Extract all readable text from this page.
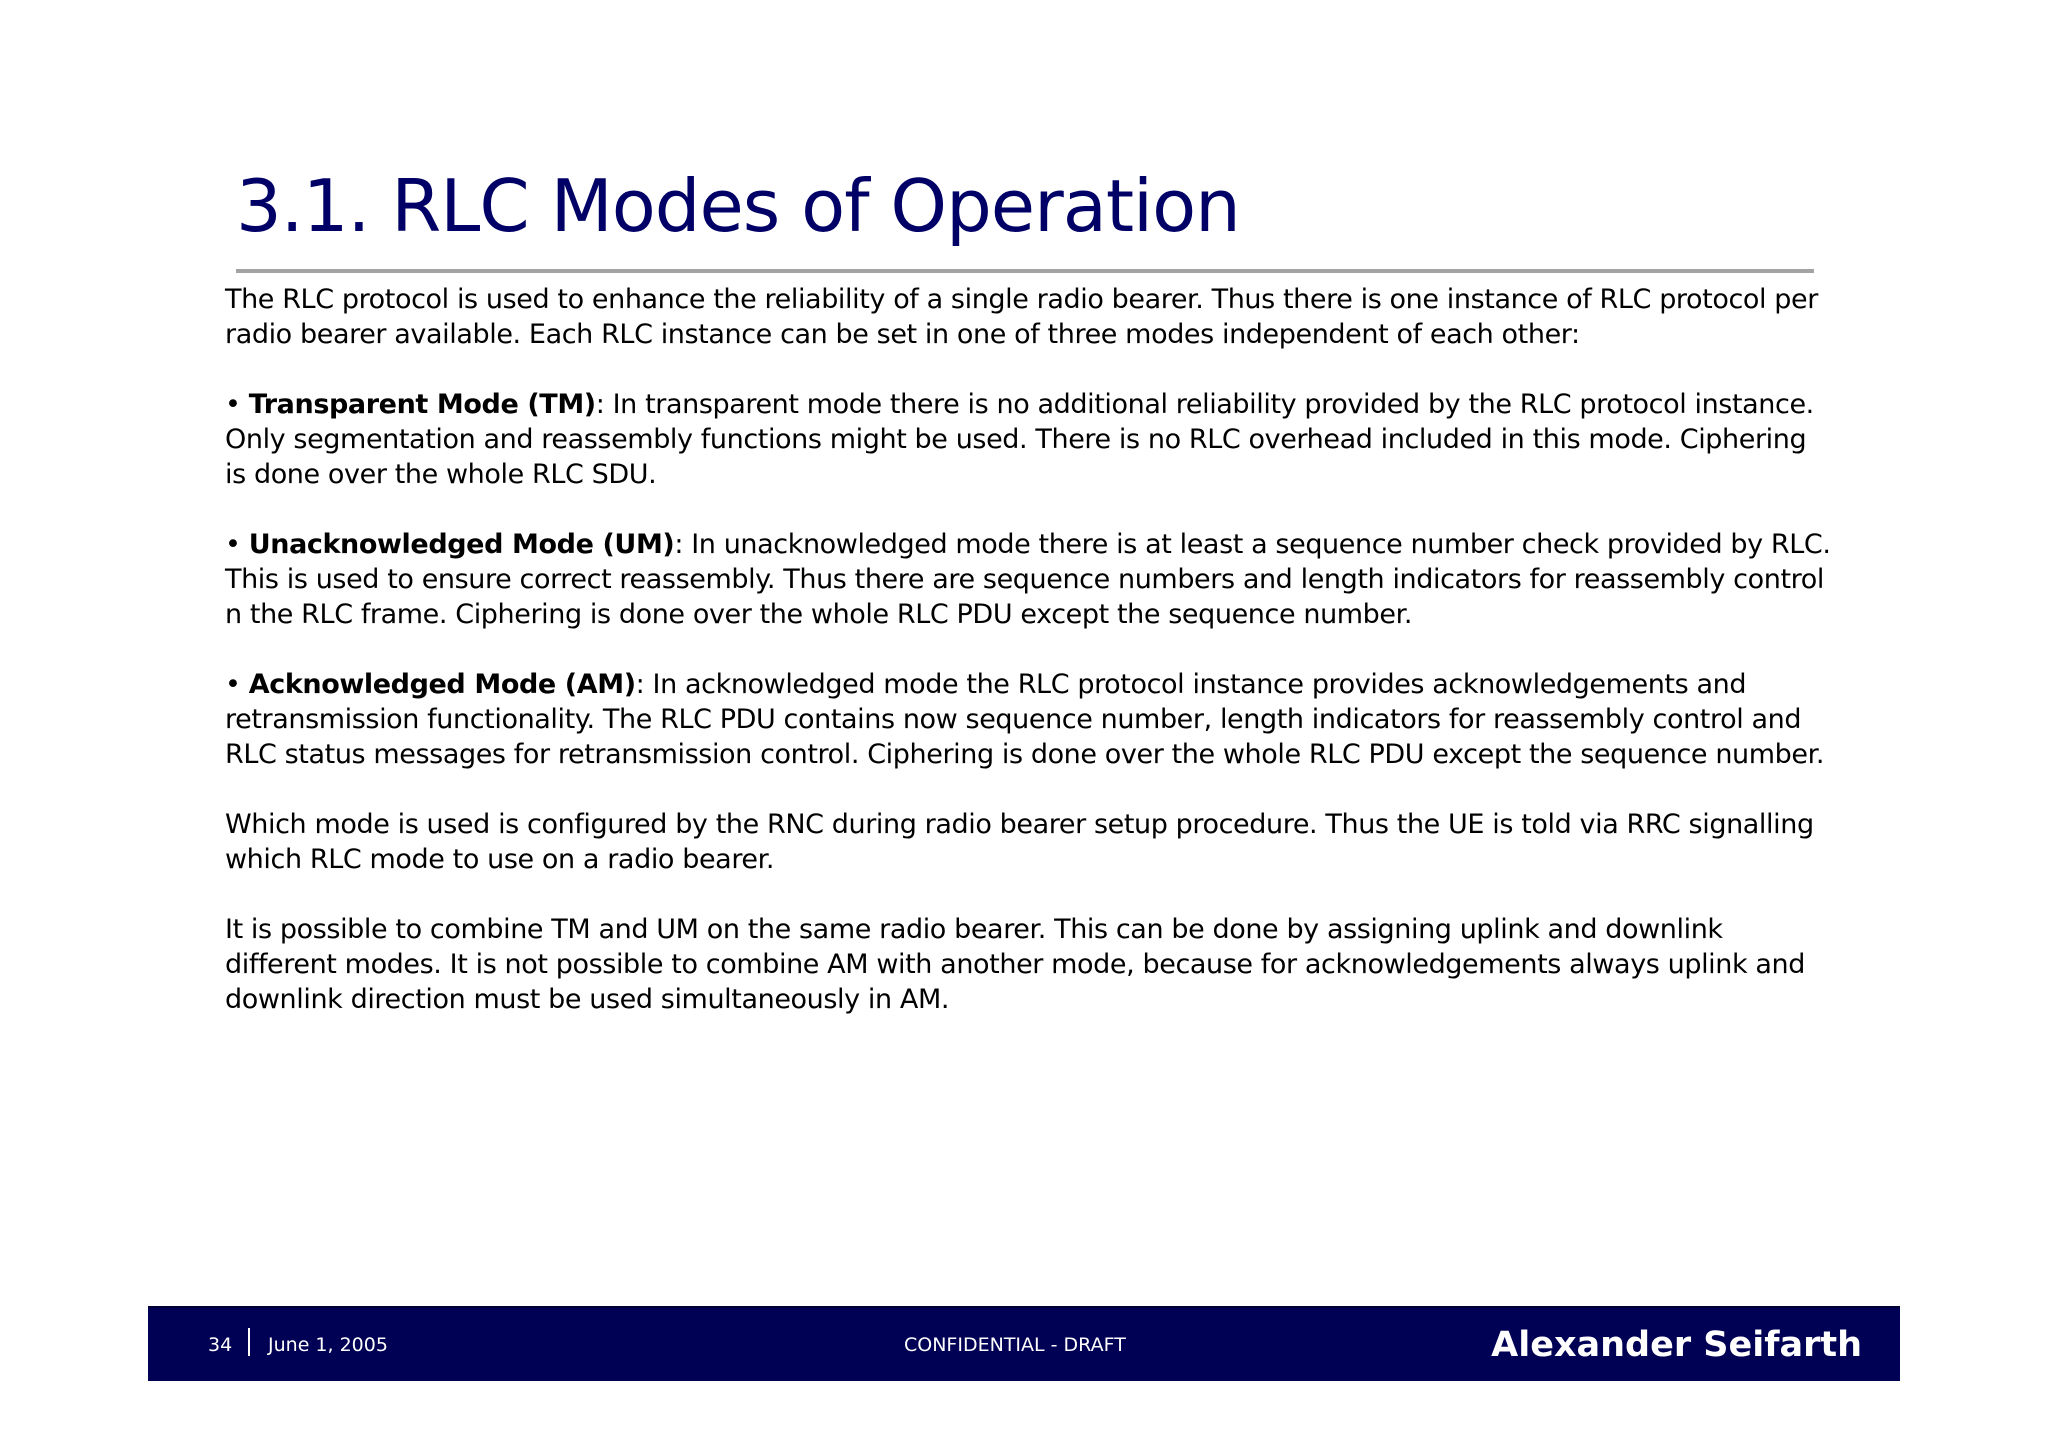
3.1. RLC Modes of Operation

The RLC protocol is used to enhance the reliability of a single radio bearer. Thus there is one instance of RLC protocol per radio bearer available. Each RLC instance can be set in one of three modes independent of each other:

• Transparent Mode (TM): In transparent mode there is no additional reliability provided by the RLC protocol instance. Only segmentation and reassembly functions might be used. There is no RLC overhead included in this mode. Ciphering is done over the whole RLC SDU.

• Unacknowledged Mode (UM): In unacknowledged mode there is at least a sequence number check provided by RLC. This is used to ensure correct reassembly. Thus there are sequence numbers and length indicators for reassembly control n the RLC frame. Ciphering is done over the whole RLC PDU except the sequence number.

• Acknowledged Mode (AM): In acknowledged mode the RLC protocol instance provides acknowledgements and retransmission functionality. The RLC PDU contains now sequence number, length indicators for reassembly control and RLC status messages for retransmission control. Ciphering is done over the whole RLC PDU except the sequence number.

Which mode is used is configured by the RNC during radio bearer setup procedure. Thus the UE is told via RRC signalling which RLC mode to use on a radio bearer.

It is possible to combine TM and UM on the same radio bearer. This can be done by assigning uplink and downlink different modes. It is not possible to combine AM with another mode, because for acknowledgements always uplink and downlink direction must be used simultaneously in AM.

34 June 1, 2005	CONFIDENTIAL - DRAFT	Alexander Seifarth
